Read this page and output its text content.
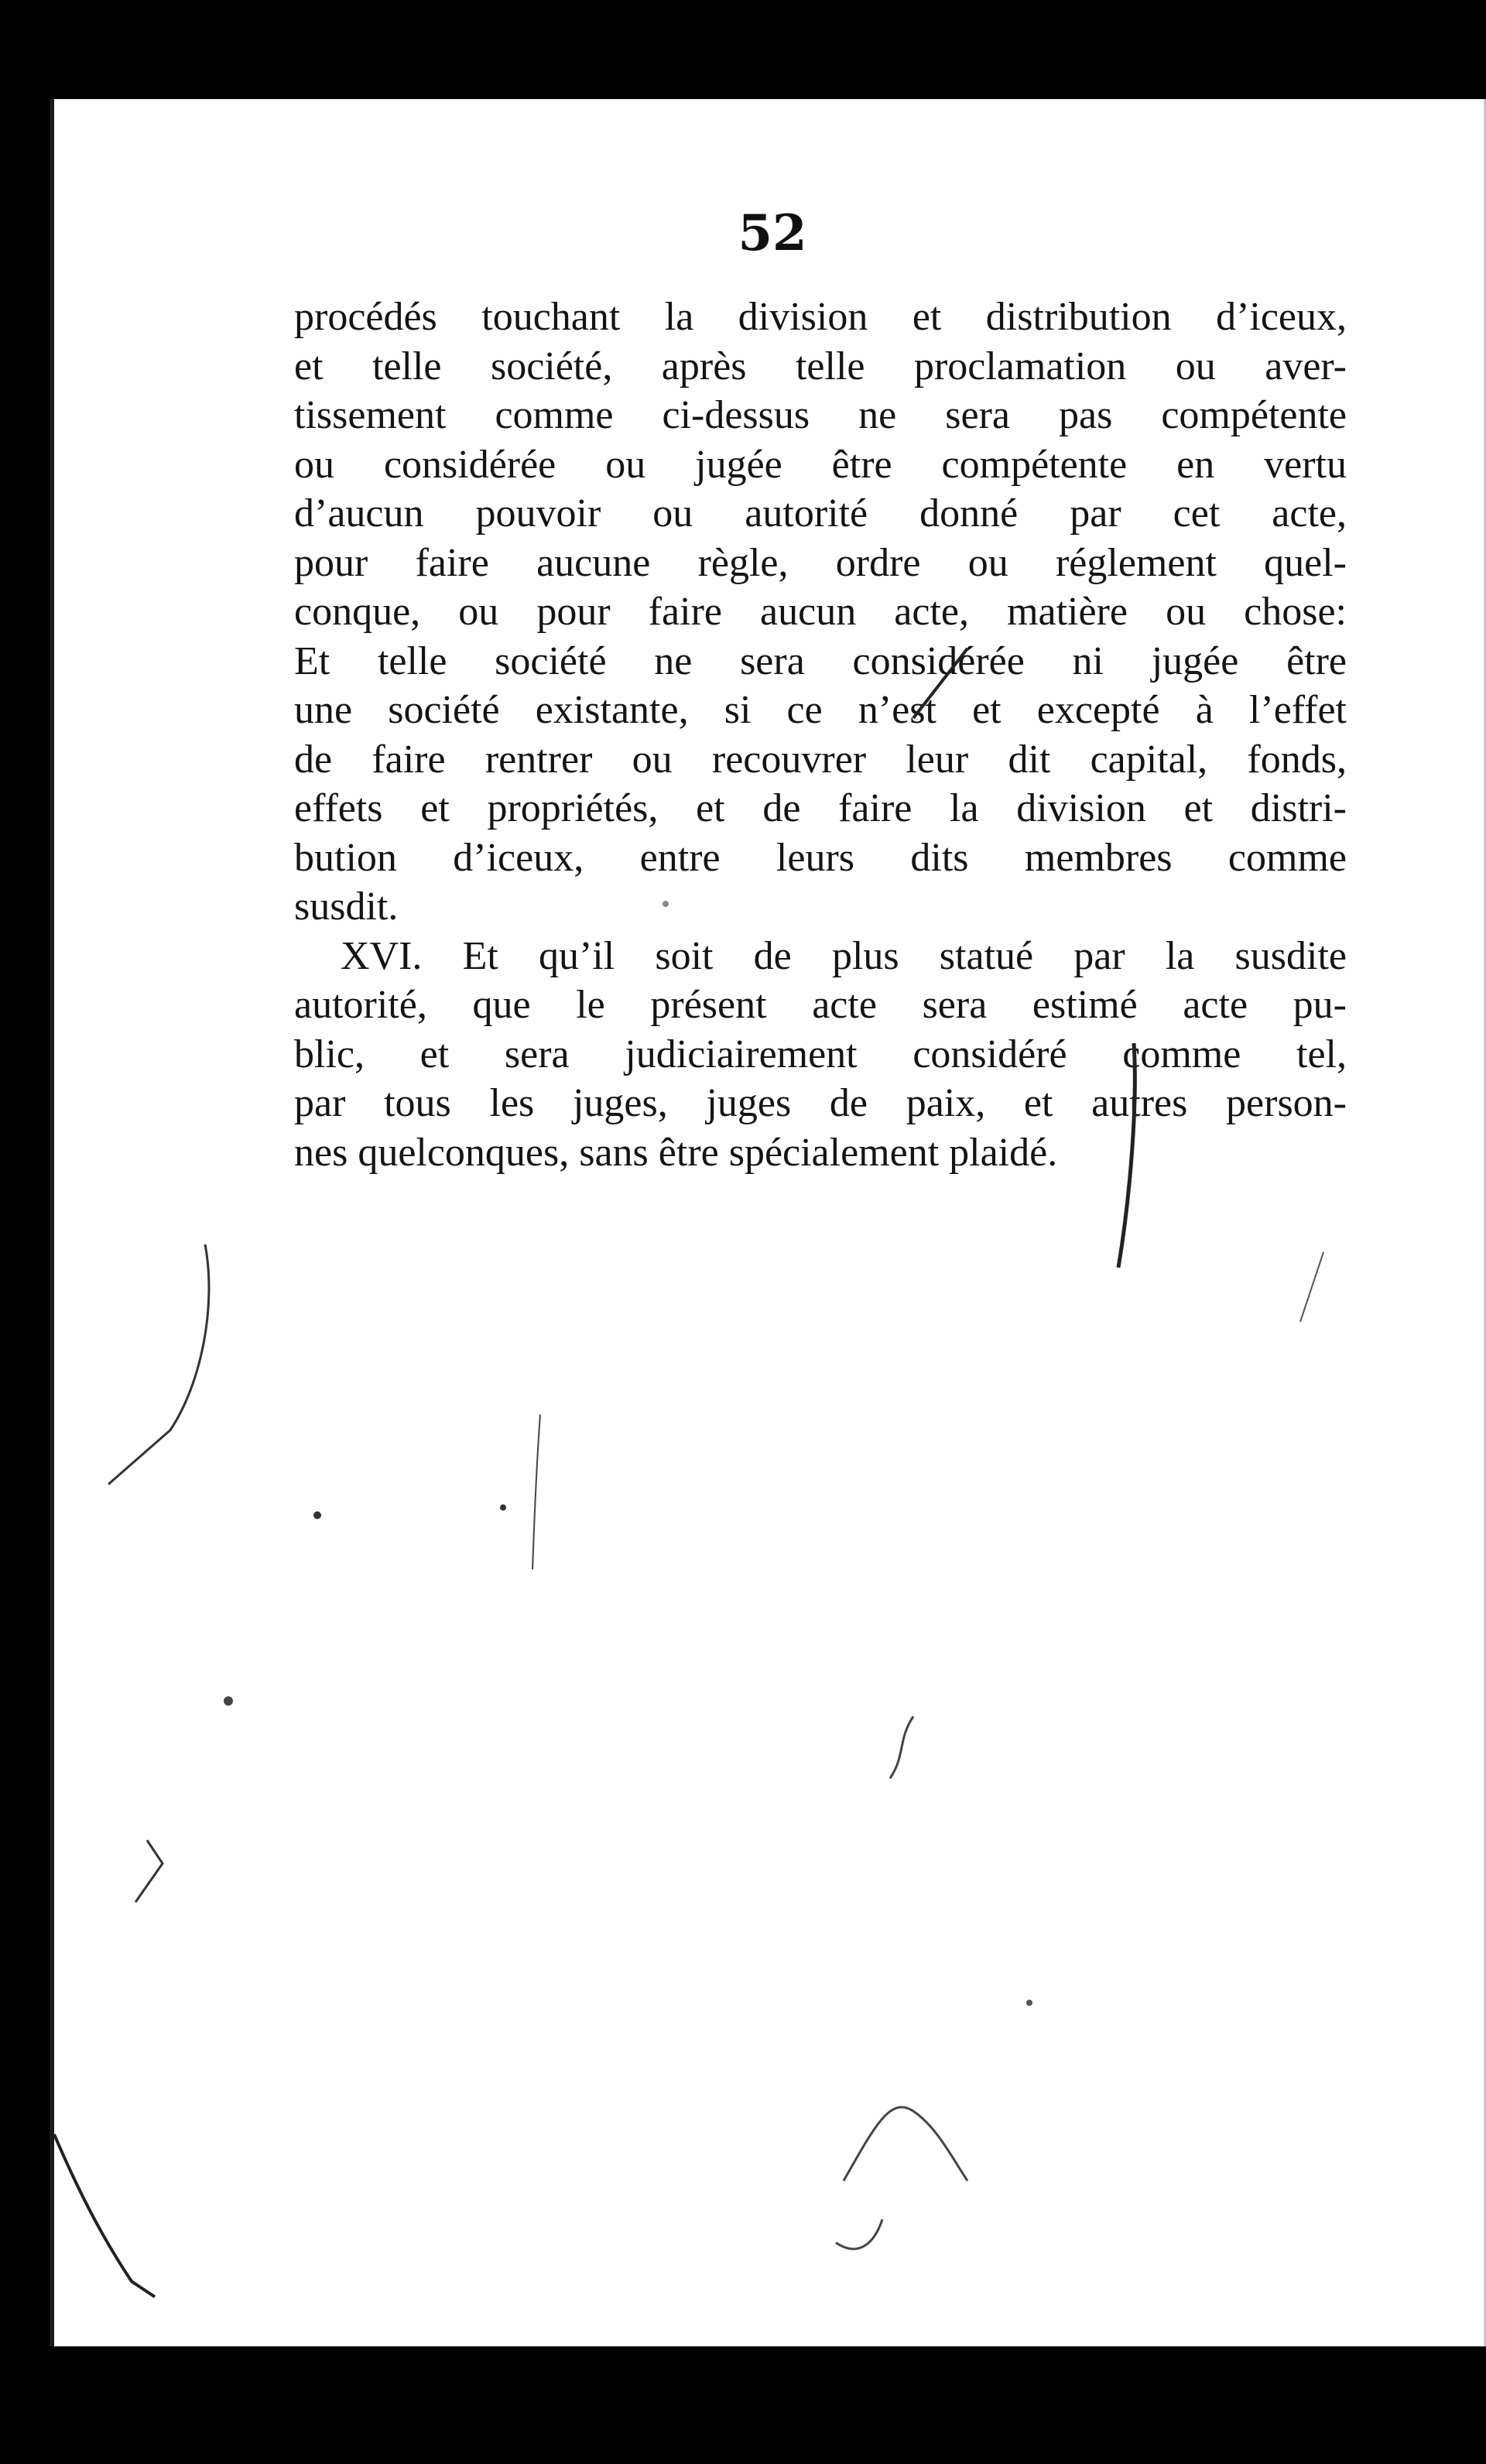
52
procédés touchant la division et distribution d’iceux,
et telle société, après telle proclamation ou aver-
tissement comme ci-dessus ne sera pas compétente
ou considérée ou jugée être compétente en vertu
d’aucun pouvoir ou autorité donné par cet acte,
pour faire aucune règle, ordre ou réglement quel-
conque, ou pour faire aucun acte, matière ou chose:
Et telle société ne sera considérée ni jugée être
une société existante, si ce n’est et excepté à l’effet
de faire rentrer ou recouvrer leur dit capital, fonds,
effets et propriétés, et de faire la division et distri-
bution d’iceux, entre leurs dits membres comme
susdit.
XVI. Et qu’il soit de plus statué par la susdite
autorité, que le présent acte sera estimé acte pu-
blic, et sera judiciairement considéré comme tel,
par tous les juges, juges de paix, et autres person-
nes quelconques, sans être spécialement plaidé.
